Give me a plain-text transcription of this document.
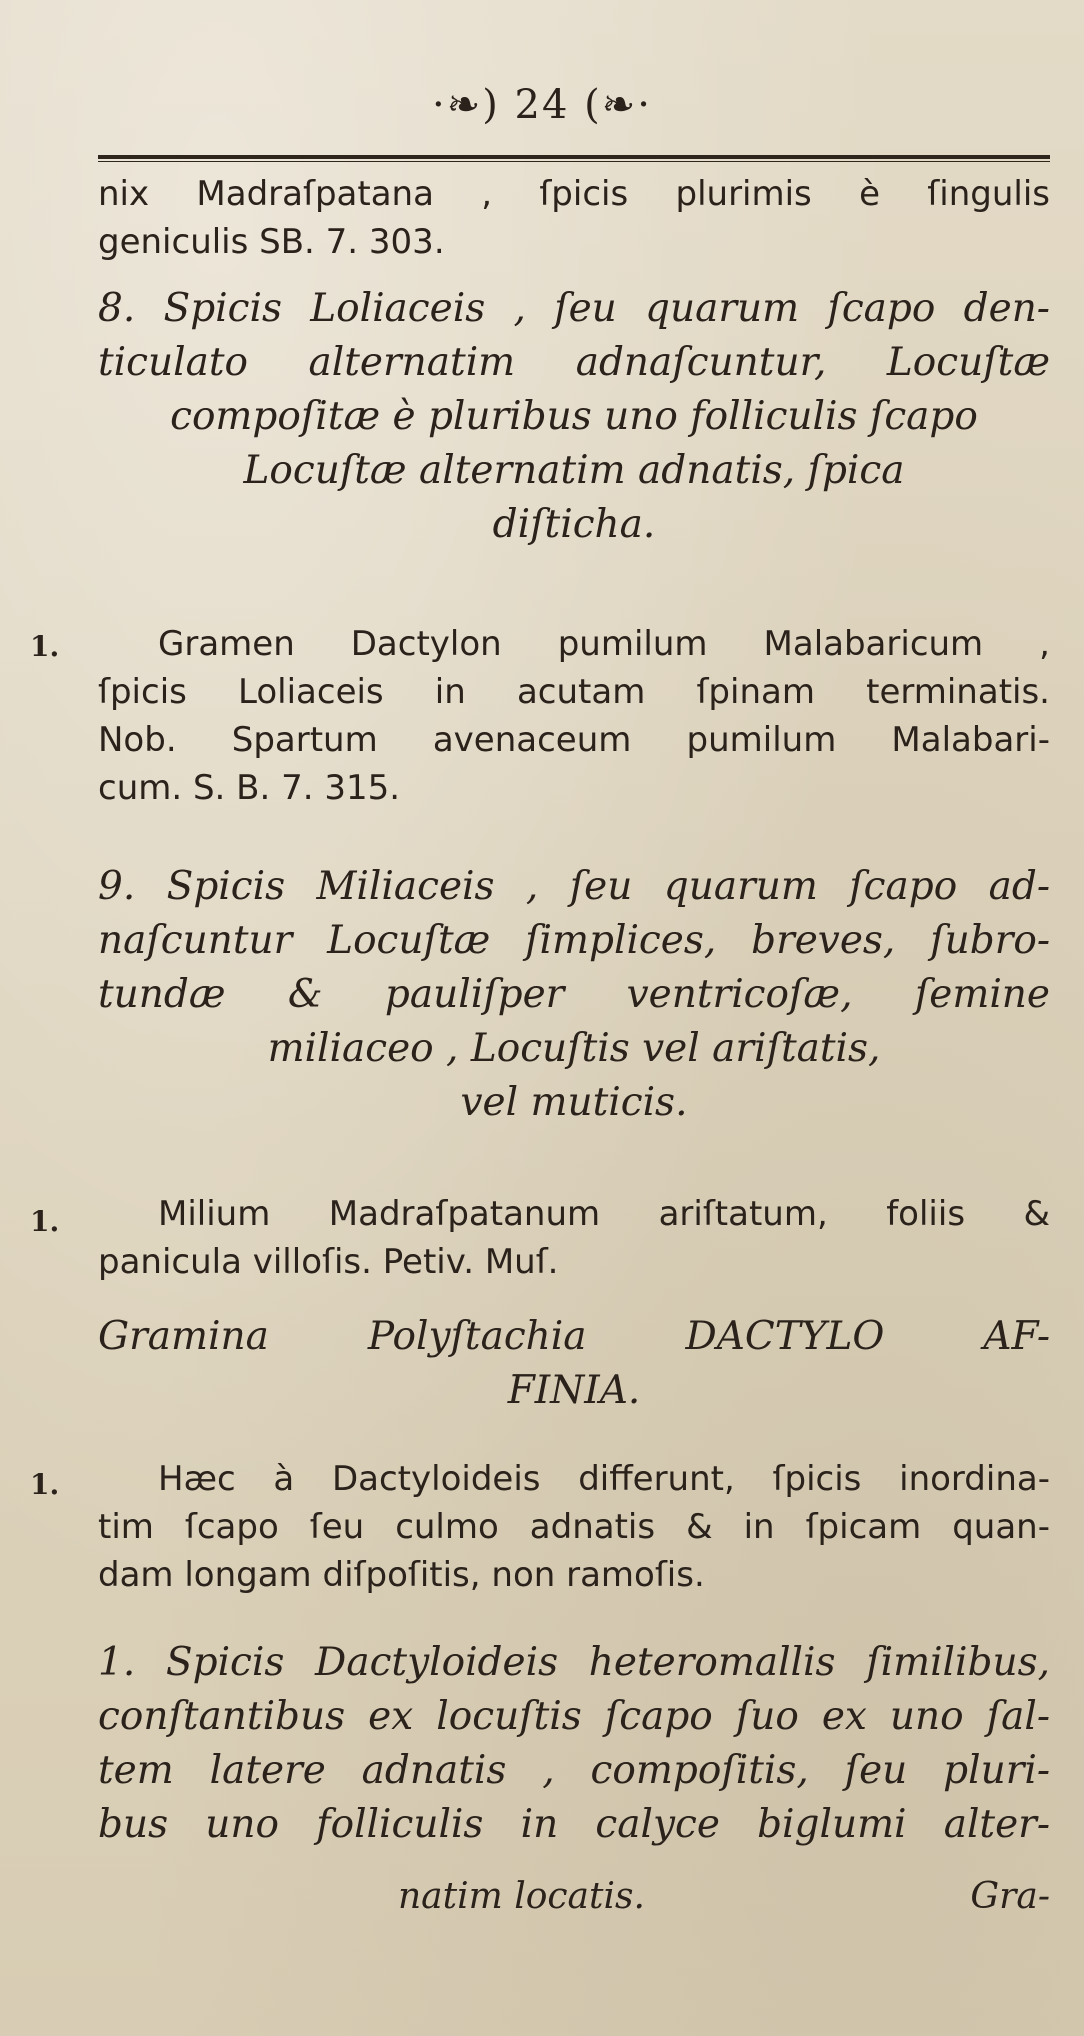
·❧) 24 (❧·
nix Madraſpatana , ſpicis plurimis è ſingulis
geniculis SB. 7. 303.
8. Spicis Loliaceis , ſeu quarum ſcapo den-
ticulato alternatim adnaſcuntur, Locuſtæ
compoſitæ è pluribus uno folliculis ſcapo
Locuſtæ alternatim adnatis, ſpica
diſticha.
1.	Gramen Dactylon pumilum Malabaricum ,
ſpicis Loliaceis in acutam ſpinam terminatis.
Nob. Spartum avenaceum pumilum Malabari-
cum. S. B. 7. 315.
9. Spicis Miliaceis , ſeu quarum ſcapo ad-
naſcuntur Locuſtæ ſimplices, breves, ſubro-
tundæ & pauliſper ventricoſæ, ſemine
miliaceo , Locuſtis vel ariſtatis,
vel muticis.
1.	Milium Madraſpatanum ariſtatum, foliis &
panicula villoſis. Petiv. Muſ.
Gramina Polyſtachia DACTYLO AF-
FINIA.
1.	Hæc à Dactyloideis differunt, ſpicis inordina-
tim ſcapo ſeu culmo adnatis & in ſpicam quan-
dam longam diſpoſitis, non ramoſis.
1. Spicis Dactyloideis heteromallis ſimilibus,
conſtantibus ex locuſtis ſcapo ſuo ex uno ſal-
tem latere adnatis , compoſitis, ſeu pluri-
bus uno folliculis in calyce biglumi alter-
natim locatis.	Gra-
